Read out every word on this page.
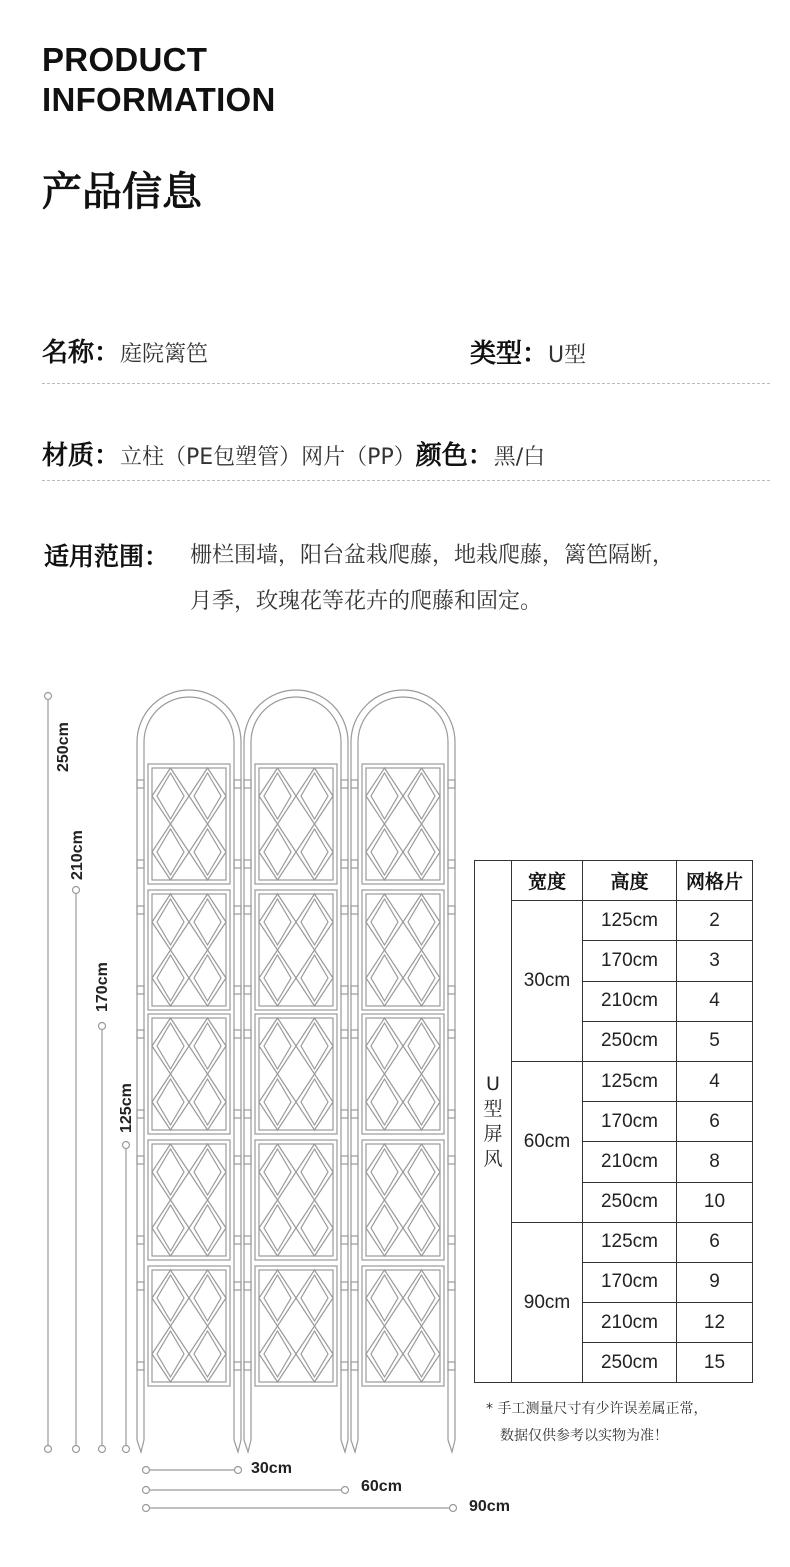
PRODUCT
INFORMATION
产品信息
名称：庭院篱笆	类型：U型
材质：立柱（PE包塑管）网片（PP）颜色：黑/白
适用范围： 栅栏围墙，阳台盆栽爬藤，地栽爬藤，篱笆隔断，
月季，玫瑰花等花卉的爬藤和固定。
250cm
210cm
170cm
125cm
30cm
60cm
90cm
U
型
屏
风	宽度	高度	网格片
	30cm	125cm	2
		170cm	3
		210cm	4
		250cm	5
	60cm	125cm	4
		170cm	6
		210cm	8
		250cm	10
	90cm	125cm	6
		170cm	9
		210cm	12
		250cm	15
* 手工测量尺寸有少许误差属正常，
数据仅供参考以实物为准！
